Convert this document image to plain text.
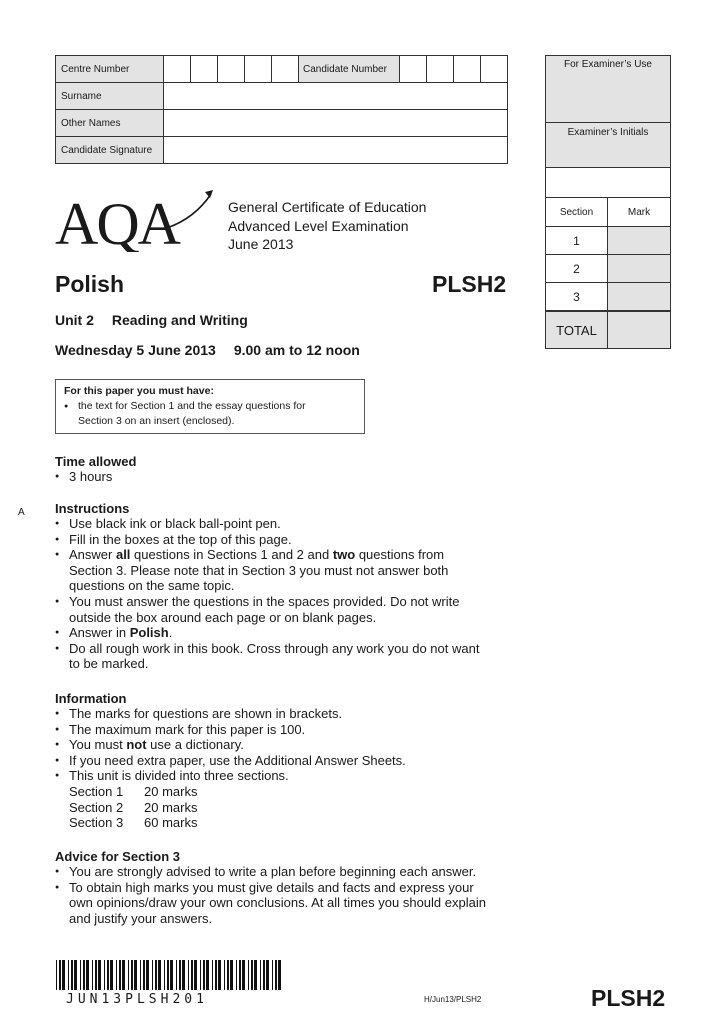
Centre Number						Candidate Number				
Surname										
Other Names										
Candidate Signature										
For Examiner’s Use
Examiner’s Initials
Section	Mark
1
2
3
TOTAL
AQA	General Certificate of Education
Advanced Level Examination
June 2013
Polish	PLSH2
Unit 2 Reading and Writing
Wednesday 5 June 2013 9.00 am to 12 noon
For this paper you must have:
● the text for Section 1 and the essay questions for
Section 3 on an insert (enclosed).
A
Time allowed
● 3 hours
Instructions
● Use black ink or black ball-point pen.
● Fill in the boxes at the top of this page.
● Answer all questions in Sections 1 and 2 and two questions from
Section 3. Please note that in Section 3 you must not answer both
questions on the same topic.
● You must answer the questions in the spaces provided. Do not write
outside the box around each page or on blank pages.
● Answer in Polish.
● Do all rough work in this book. Cross through any work you do not want
to be marked.
Information
● The marks for questions are shown in brackets.
● The maximum mark for this paper is 100.
● You must not use a dictionary.
● If you need extra paper, use the Additional Answer Sheets.
● This unit is divided into three sections.
Section 1	20 marks
Section 2	20 marks
Section 3	60 marks
Advice for Section 3
● You are strongly advised to write a plan before beginning each answer.
● To obtain high marks you must give details and facts and express your
own opinions/draw your own conclusions. At all times you should explain
and justify your answers.
JUN13PLSH201	H/Jun13/PLSH2	PLSH2
